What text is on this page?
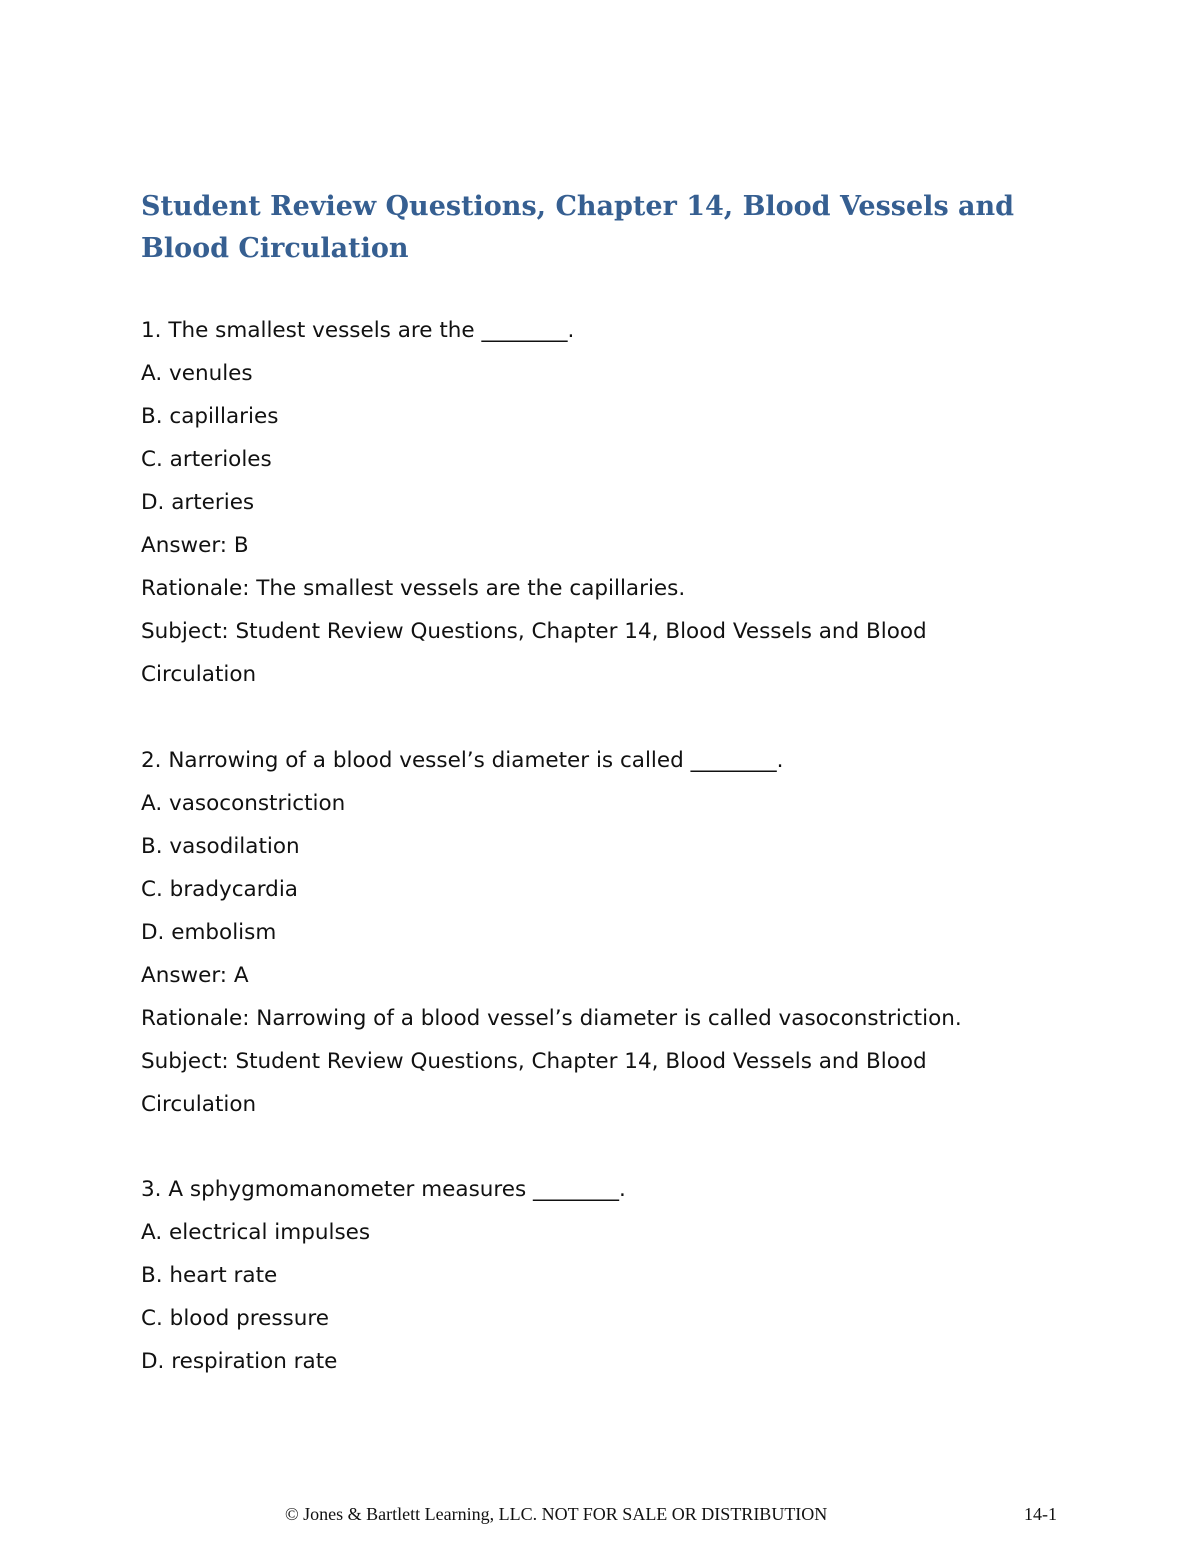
Student Review Questions, Chapter 14, Blood Vessels and Blood Circulation
1. The smallest vessels are the ________.
A. venules
B. capillaries
C. arterioles
D. arteries
Answer: B
Rationale: The smallest vessels are the capillaries.
Subject: Student Review Questions, Chapter 14, Blood Vessels and Blood
Circulation
2. Narrowing of a blood vessel’s diameter is called ________.
A. vasoconstriction
B. vasodilation
C. bradycardia
D. embolism
Answer: A
Rationale: Narrowing of a blood vessel’s diameter is called vasoconstriction.
Subject: Student Review Questions, Chapter 14, Blood Vessels and Blood
Circulation
3. A sphygmomanometer measures ________.
A. electrical impulses
B. heart rate
C. blood pressure
D. respiration rate
© Jones & Bartlett Learning, LLC. NOT FOR SALE OR DISTRIBUTION	14-1
